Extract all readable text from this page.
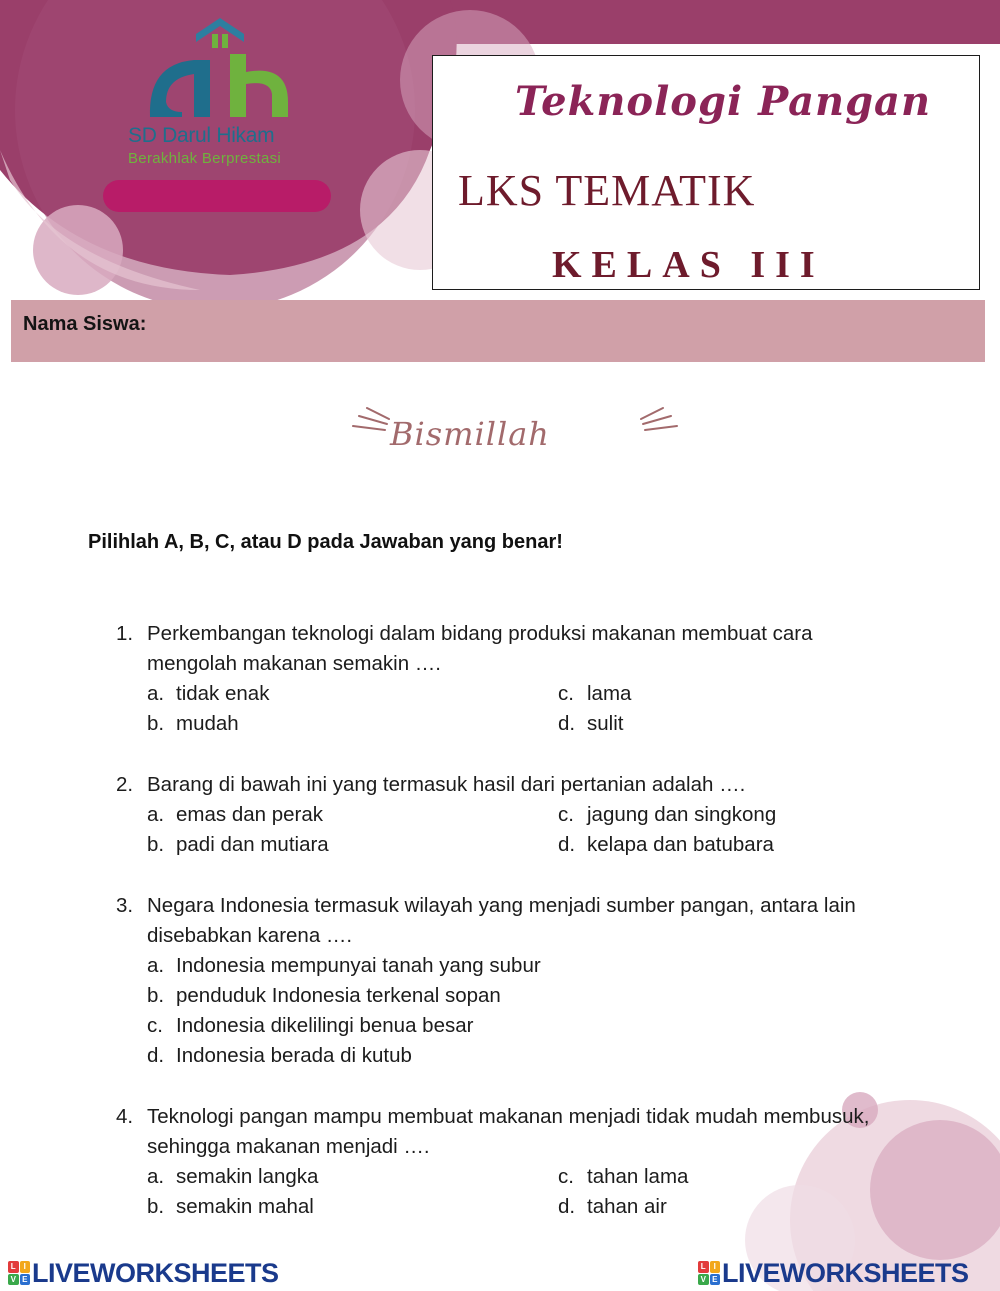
SD Darul Hikam
Berakhlak Berprestasi
Teknologi Pangan
LKS TEMATIK
KELAS III
Nama Siswa:
Bismillah
Pilihlah A, B, C, atau D pada Jawaban yang benar!
1. Perkembangan teknologi dalam bidang produksi makanan membuat cara mengolah makanan semakin ….
a. tidak enak	c. lama
b. mudah	d. sulit
2. Barang di bawah ini yang termasuk hasil dari pertanian adalah ….
a. emas dan perak	c. jagung dan singkong
b. padi dan mutiara	d. kelapa dan batubara
3. Negara Indonesia termasuk wilayah yang menjadi sumber pangan, antara lain disebabkan karena ….
a. Indonesia mempunyai tanah yang subur
b. penduduk Indonesia terkenal sopan
c. Indonesia dikelilingi benua besar
d. Indonesia berada di kutub
4. Teknologi pangan mampu membuat makanan menjadi tidak mudah membusuk, sehingga makanan menjadi ….
a. semakin langka	c. tahan lama
b. semakin mahal	d. tahan air
L I
V E LIVEWORKSHEETS	L I
V E LIVEWORKSHEETS
